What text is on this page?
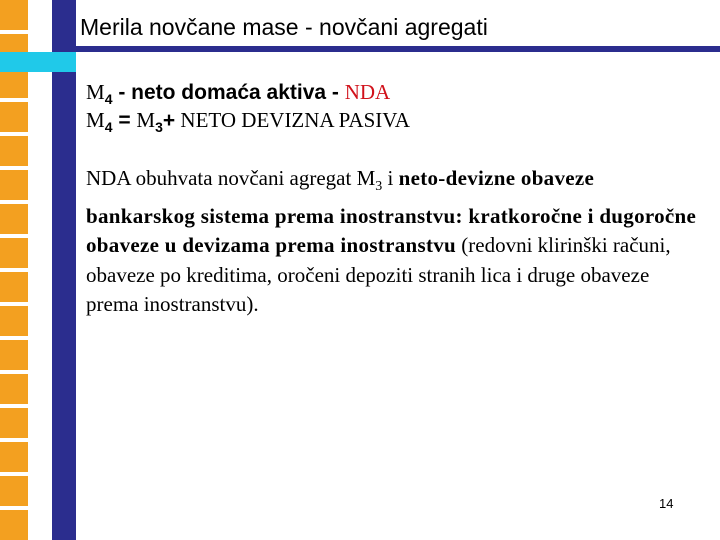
Merila novčane mase - novčani agregati
$M_4$ - neto domaća aktiva - NDA
$M_4 = M_3+$ NETO DEVIZNA PASIVA

NDA obuhvata novčani agregat $M_3$ i neto-devizne obaveze bankarskog sistema prema inostranstvu: kratkoročne i dugoročne obaveze u devizama prema inostranstvu (redovni klirinški računi, obaveze po kreditima, oročeni depoziti stranih lica i druge obaveze prema inostranstvu).

14
